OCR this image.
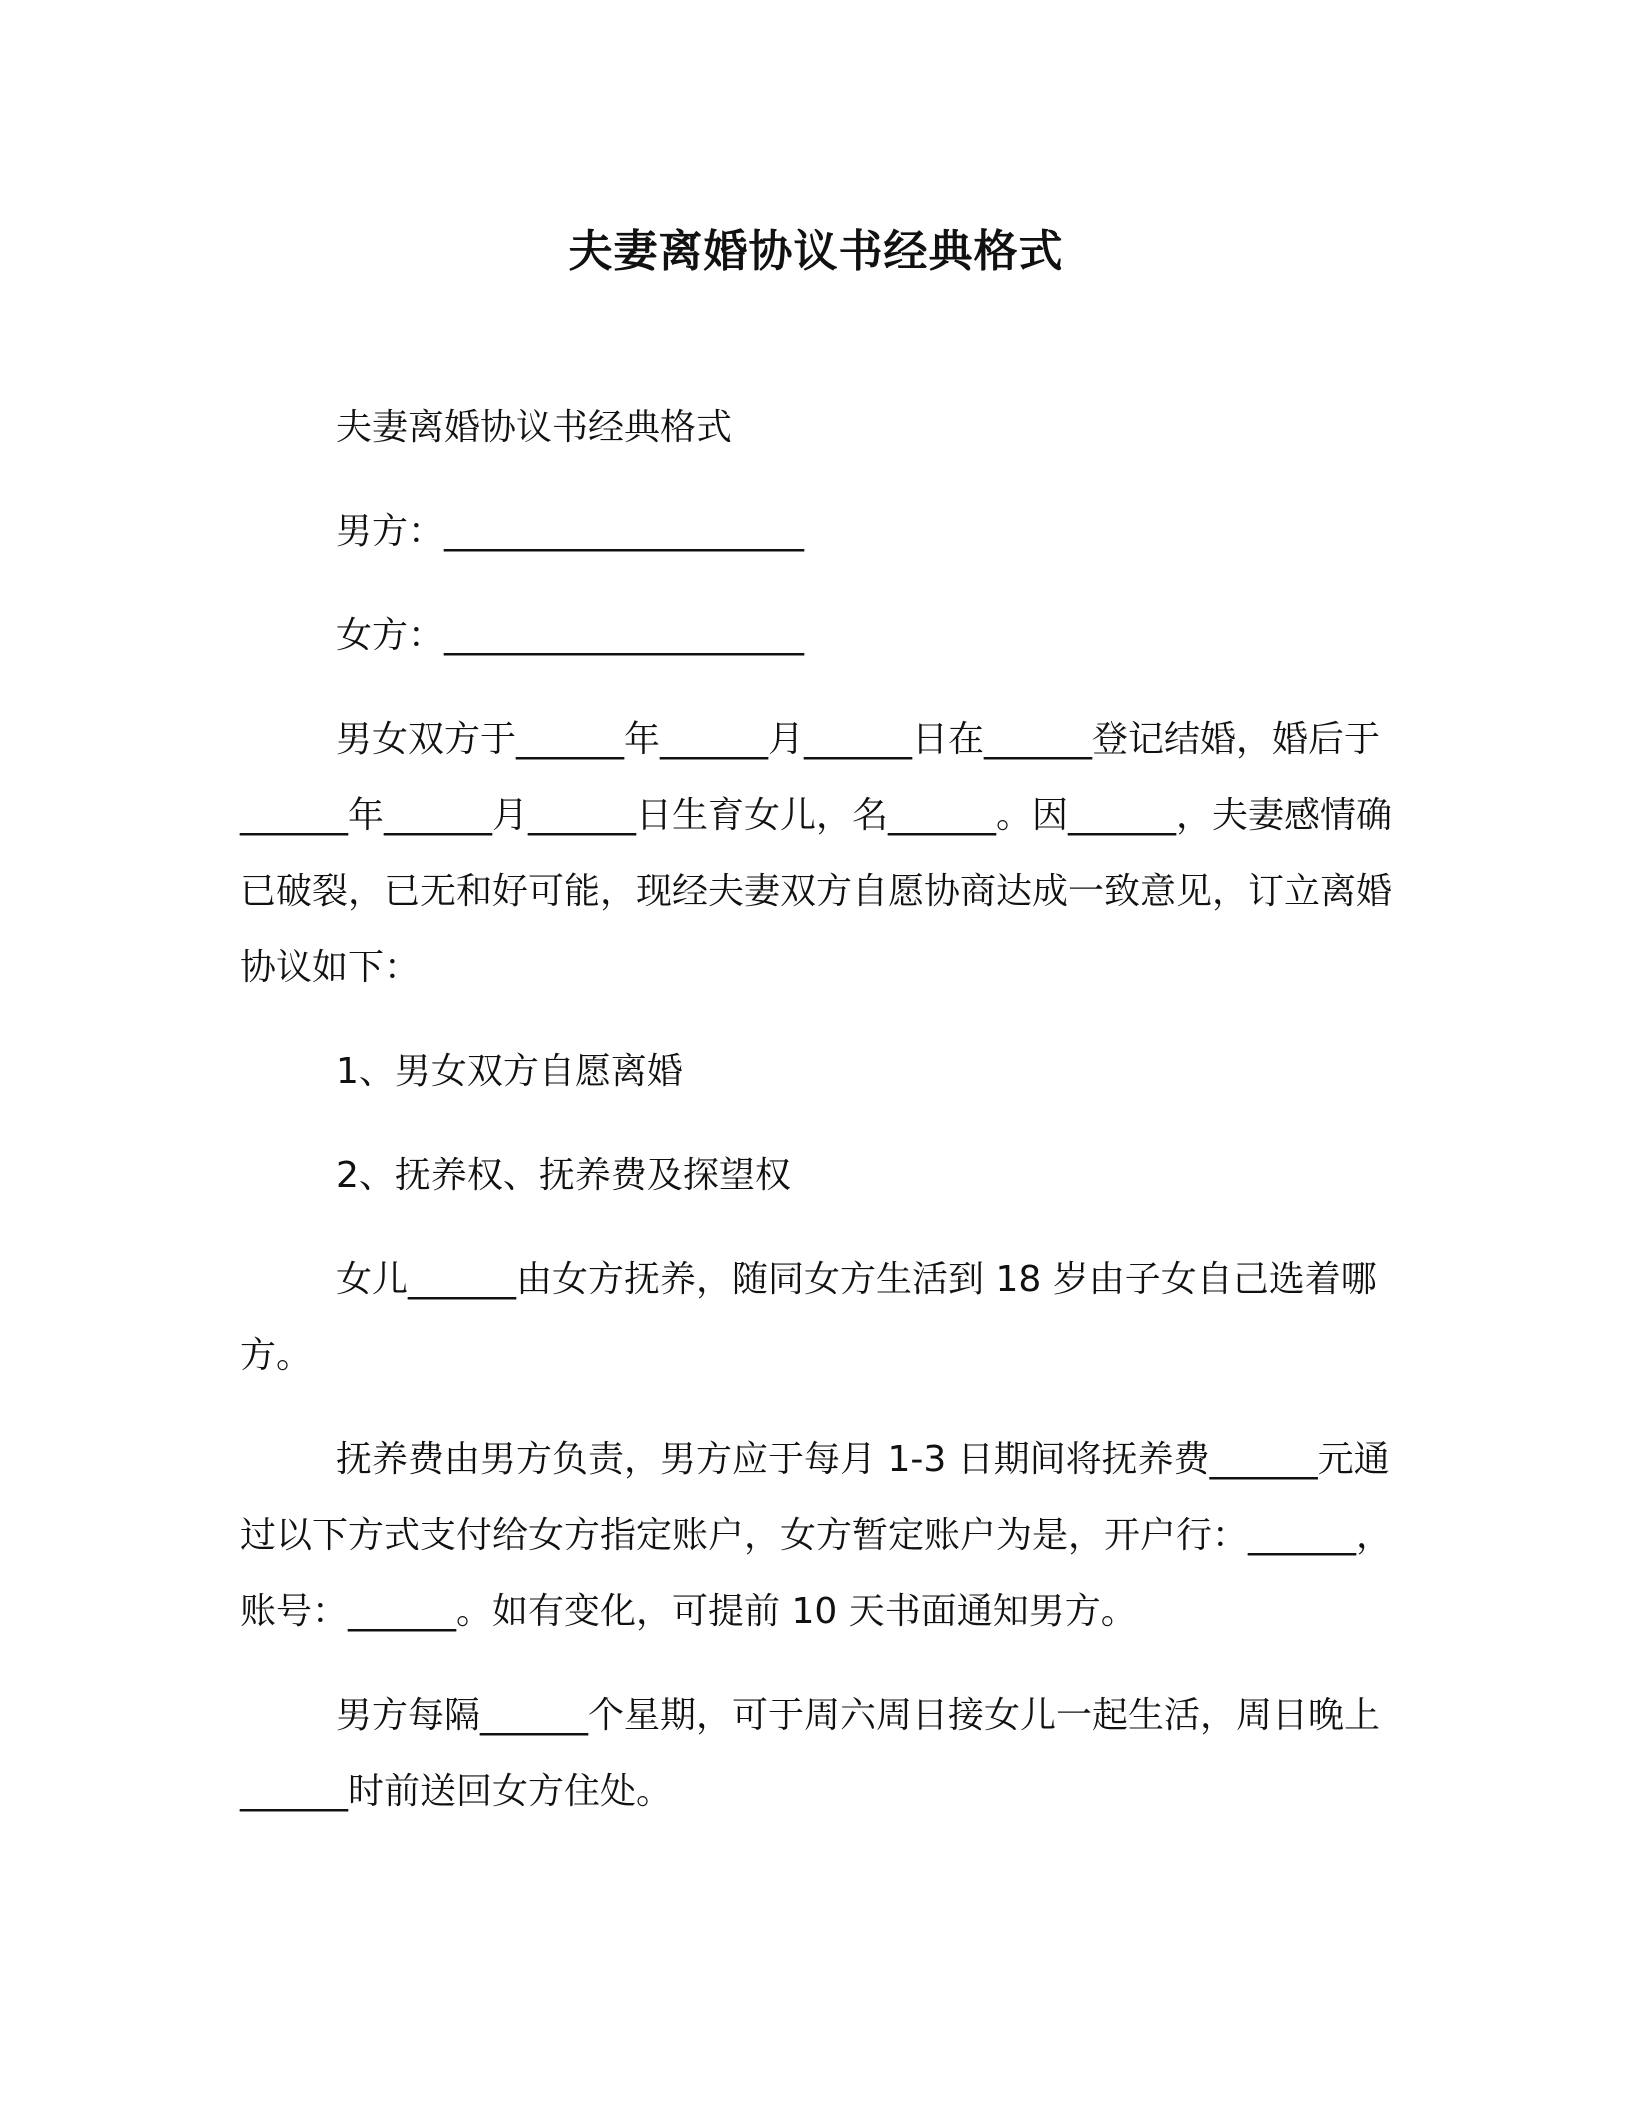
夫妻离婚协议书经典格式

夫妻离婚协议书经典格式

男方：____________________

女方：____________________

男女双方于______年______月______日在______登记结婚，婚后于______年______月______日生育女儿，名______。因______，夫妻感情确已破裂，已无和好可能，现经夫妻双方自愿协商达成一致意见，订立离婚协议如下：

1、男女双方自愿离婚

2、抚养权、抚养费及探望权

女儿______由女方抚养，随同女方生活到 18 岁由子女自己选着哪方。

抚养费由男方负责，男方应于每月 1-3 日期间将抚养费______元通过以下方式支付给女方指定账户，女方暂定账户为是，开户行：______，账号：______。如有变化，可提前 10 天书面通知男方。

男方每隔______个星期，可于周六周日接女儿一起生活，周日晚上______时前送回女方住处。
